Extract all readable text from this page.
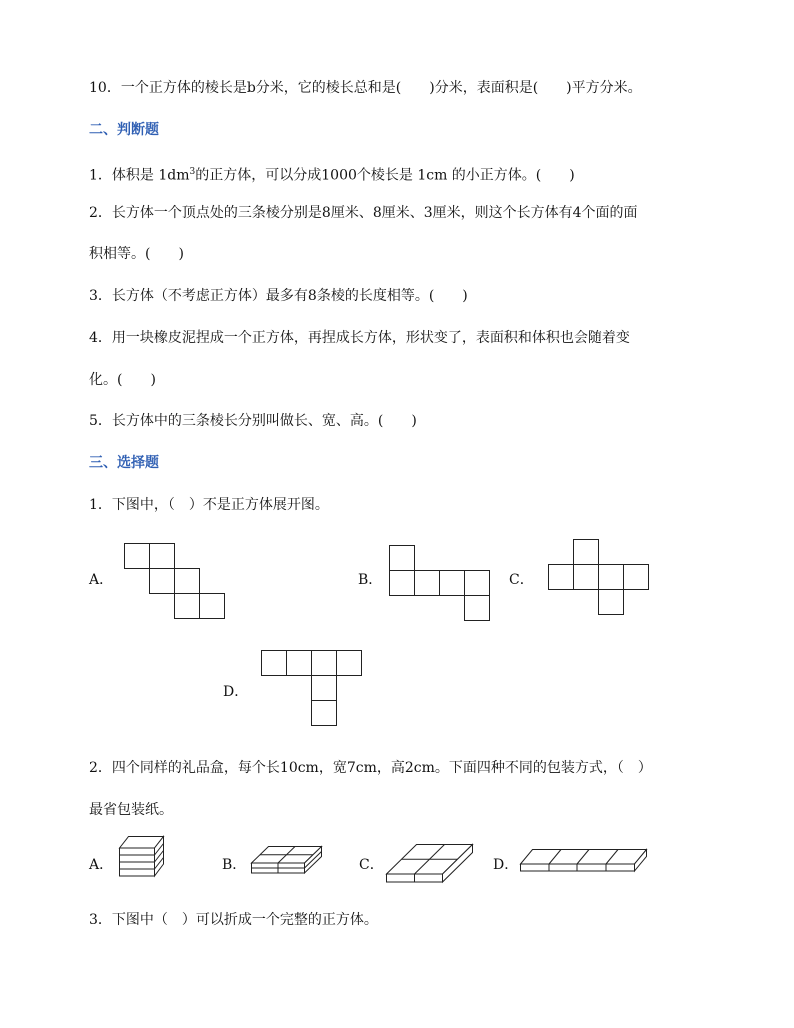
10．一个正方体的棱长是b分米，它的棱长总和是(　　)分米，表面积是(　　)平方分米。
二、判断题
1．体积是 $1dm^3$的正方体，可以分成1000个棱长是 1cm 的小正方体。(　　)
2．长方体一个顶点处的三条棱分别是8厘米、8厘米、3厘米，则这个长方体有4个面的面
积相等。(　　)
3．长方体（不考虑正方体）最多有8条棱的长度相等。(　　)
4．用一块橡皮泥捏成一个正方体，再捏成长方体，形状变了，表面积和体积也会随着变
化。(　　)
5．长方体中的三条棱长分别叫做长、宽、高。(　　)
三、选择题
1．下图中，（　）不是正方体展开图。
A．	B．	C．
D．
2．四个同样的礼品盒，每个长10cm，宽7cm，高2cm。下面四种不同的包装方式，（　）
最省包装纸。
A．	B．	C．	D．
3．下图中（　）可以折成一个完整的正方体。
